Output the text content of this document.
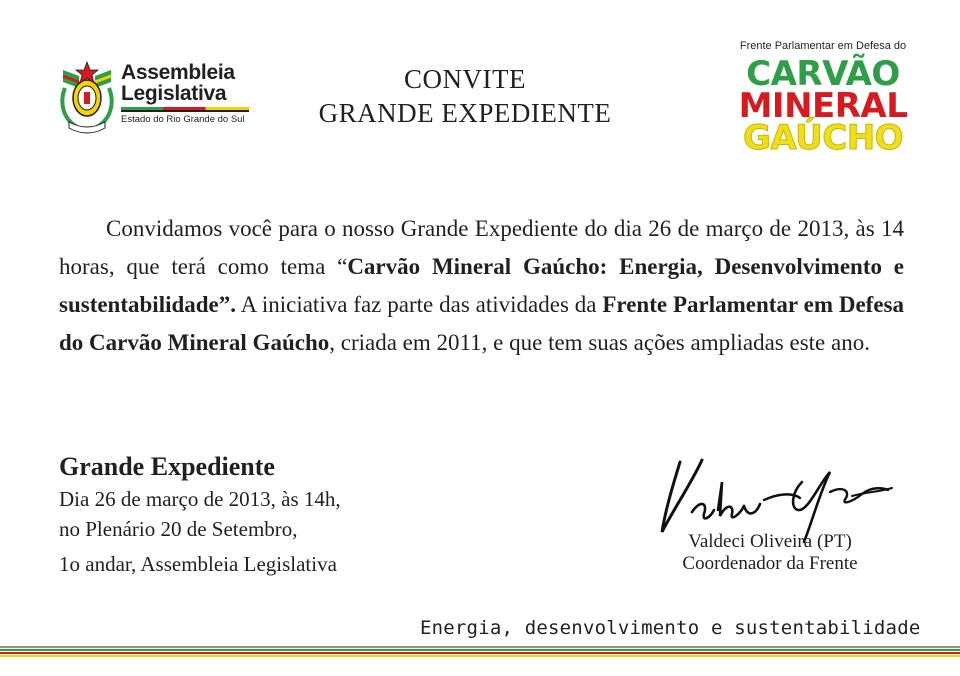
Assembleia
Legislativa
Estado do Rio Grande do Sul
CONVITE
GRANDE EXPEDIENTE
Frente Parlamentar em Defesa do
CARVÃO
MINERAL
GAÚCHO

Convidamos você para o nosso Grande Expediente do dia 26 de março de 2013, às 14 horas, que terá como tema “Carvão Mineral Gaúcho: Energia, Desenvolvimento e sustentabilidade”. A iniciativa faz parte das atividades da Frente Parlamentar em Defesa do Carvão Mineral Gaúcho, criada em 2011, e que tem suas ações ampliadas este ano.

Grande Expediente
Dia 26 de março de 2013, às 14h,
no Plenário 20 de Setembro,
1o andar, Assembleia Legislativa
Valdeci Oliveira (PT)
Coordenador da Frente
Energia, desenvolvimento e sustentabilidade
